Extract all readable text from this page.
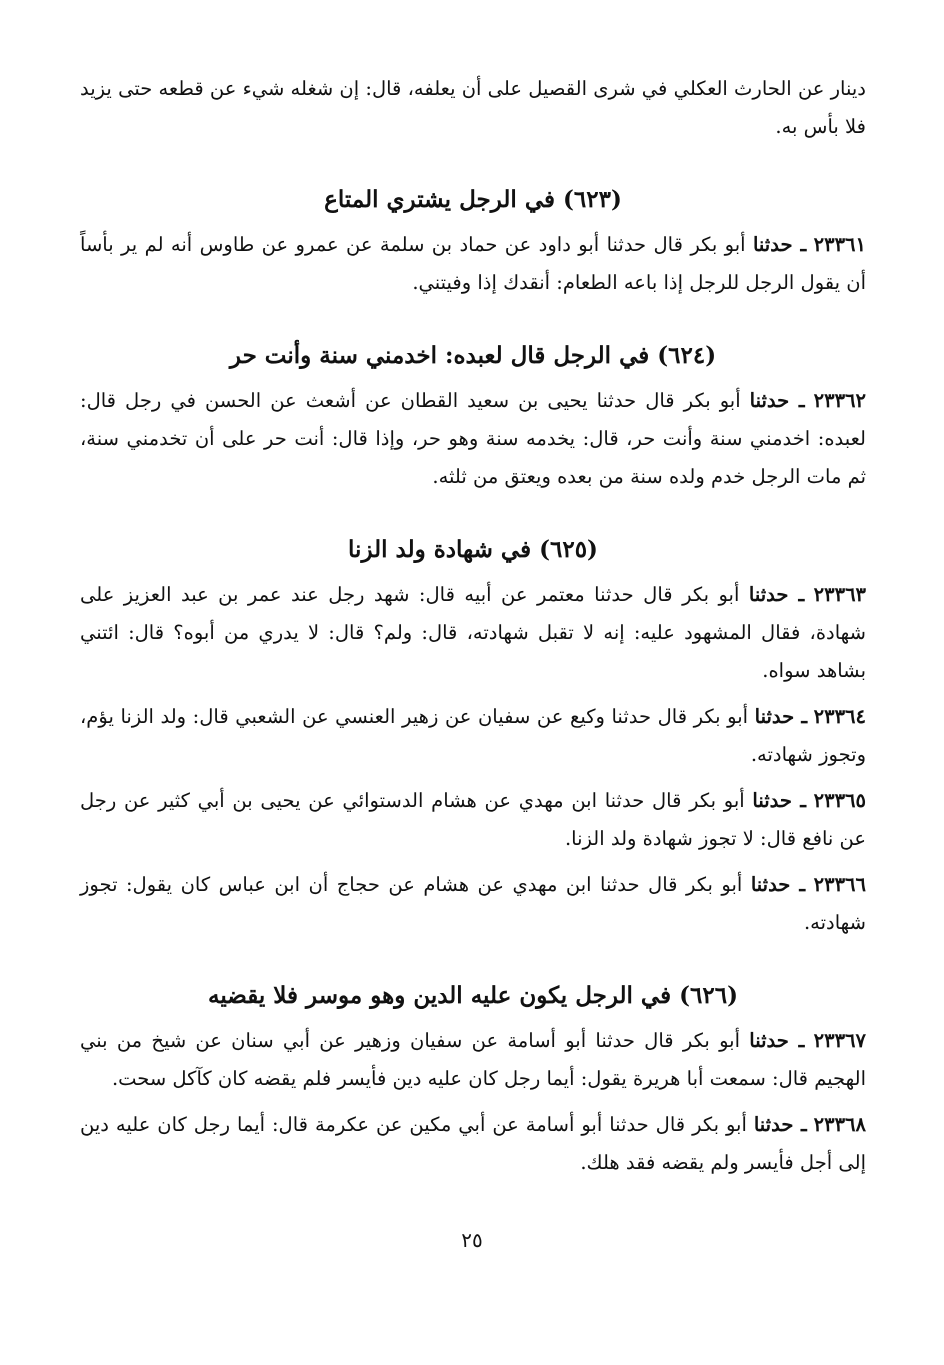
دينار عن الحارث العكلي في شرى القصيل على أن يعلفه، قال: إن شغله شيء عن قطعه حتى يزيد فلا بأس به.

(٦٢٣) في الرجل يشتري المتاع

٢٣٣٦١ ـ حدثنا أبو بكر قال حدثنا أبو داود عن حماد بن سلمة عن عمرو عن طاوس أنه لم ير بأساً أن يقول الرجل للرجل إذا باعه الطعام: أنقدك إذا وفيتني.

(٦٢٤) في الرجل قال لعبده: اخدمني سنة وأنت حر

٢٣٣٦٢ ـ حدثنا أبو بكر قال حدثنا يحيى بن سعيد القطان عن أشعث عن الحسن في رجل قال: لعبده: اخدمني سنة وأنت حر، قال: يخدمه سنة وهو حر، وإذا قال: أنت حر على أن تخدمني سنة، ثم مات الرجل خدم ولده سنة من بعده ويعتق من ثلثه.

(٦٢٥) في شهادة ولد الزنا

٢٣٣٦٣ ـ حدثنا أبو بكر قال حدثنا معتمر عن أبيه قال: شهد رجل عند عمر بن عبد العزيز على شهادة، فقال المشهود عليه: إنه لا تقبل شهادته، قال: ولم؟ قال: لا يدري من أبوه؟ قال: ائتني بشاهد سواه.

٢٣٣٦٤ ـ حدثنا أبو بكر قال حدثنا وكيع عن سفيان عن زهير العنسي عن الشعبي قال: ولد الزنا يؤم، وتجوز شهادته.

٢٣٣٦٥ ـ حدثنا أبو بكر قال حدثنا ابن مهدي عن هشام الدستوائي عن يحيى بن أبي كثير عن رجل عن نافع قال: لا تجوز شهادة ولد الزنا.

٢٣٣٦٦ ـ حدثنا أبو بكر قال حدثنا ابن مهدي عن هشام عن حجاج أن ابن عباس كان يقول: تجوز شهادته.

(٦٢٦) في الرجل يكون عليه الدين وهو موسر فلا يقضيه

٢٣٣٦٧ ـ حدثنا أبو بكر قال حدثنا أبو أسامة عن سفيان وزهير عن أبي سنان عن شيخ من بني الهجيم قال: سمعت أبا هريرة يقول: أيما رجل كان عليه دين فأيسر فلم يقضه كان كآكل سحت.

٢٣٣٦٨ ـ حدثنا أبو بكر قال حدثنا أبو أسامة عن أبي مكين عن عكرمة قال: أيما رجل كان عليه دين إلى أجل فأيسر ولم يقضه فقد هلك.

٢٥
